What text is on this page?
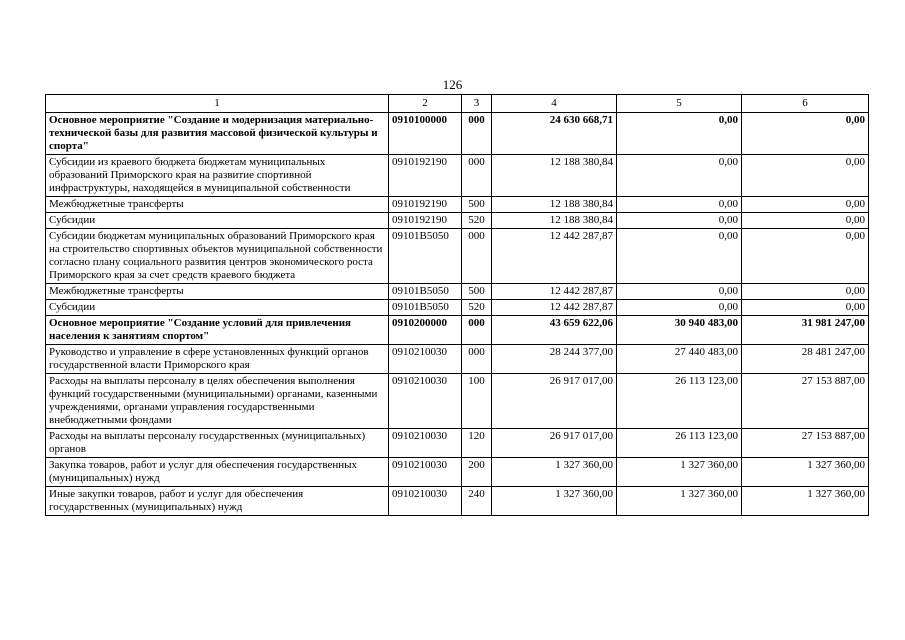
126
1	2	3	4	5	6
Основное мероприятие "Создание и модернизация материально-технической базы для развития массовой физической культуры и спорта"	0910100000	000	24 630 668,71	0,00	0,00
Субсидии из краевого бюджета бюджетам муниципальных образований Приморского края на развитие спортивной инфраструктуры, находящейся в муниципальной собственности	0910192190	000	12 188 380,84	0,00	0,00
Межбюджетные трансферты	0910192190	500	12 188 380,84	0,00	0,00
Субсидии	0910192190	520	12 188 380,84	0,00	0,00
Субсидии бюджетам муниципальных образований Приморского края на строительство спортивных объектов муниципальной собственности согласно плану социального развития центров экономического роста Приморского края за счет средств краевого бюджета	09101В5050	000	12 442 287,87	0,00	0,00
Межбюджетные трансферты	09101В5050	500	12 442 287,87	0,00	0,00
Субсидии	09101В5050	520	12 442 287,87	0,00	0,00
Основное мероприятие "Создание условий для привлечения населения к занятиям спортом"	0910200000	000	43 659 622,06	30 940 483,00	31 981 247,00
Руководство и управление в сфере установленных функций органов государственной власти Приморского края	0910210030	000	28 244 377,00	27 440 483,00	28 481 247,00
Расходы на выплаты персоналу в целях обеспечения выполнения функций государственными (муниципальными) органами, казенными учреждениями, органами управления государственными внебюджетными фондами	0910210030	100	26 917 017,00	26 113 123,00	27 153 887,00
Расходы на выплаты персоналу государственных (муниципальных) органов	0910210030	120	26 917 017,00	26 113 123,00	27 153 887,00
Закупка товаров, работ и услуг для обеспечения государственных (муниципальных) нужд	0910210030	200	1 327 360,00	1 327 360,00	1 327 360,00
Иные закупки товаров, работ и услуг для обеспечения государственных (муниципальных) нужд	0910210030	240	1 327 360,00	1 327 360,00	1 327 360,00
